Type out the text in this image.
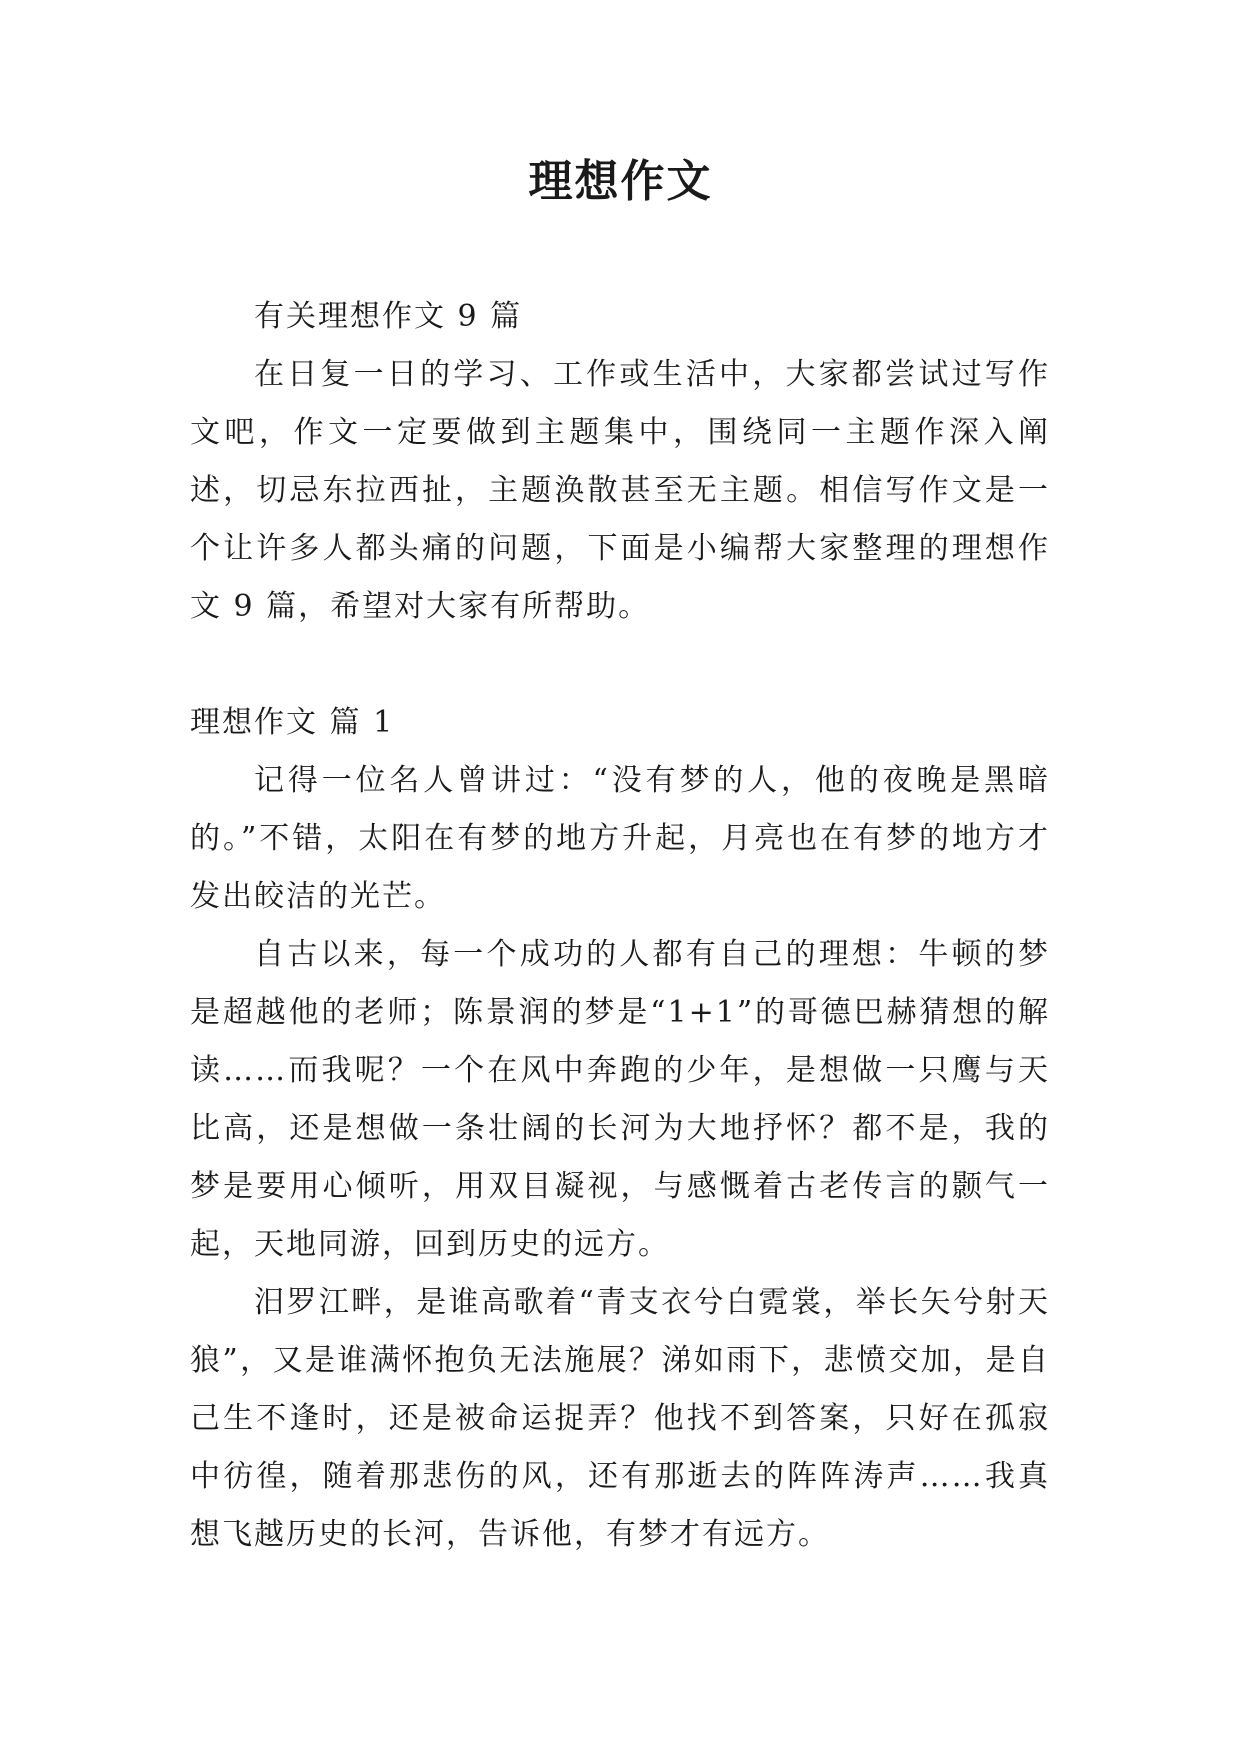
理想作文

有关理想作文 9 篇

在日复一日的学习、工作或生活中，大家都尝试过写作文吧，作文一定要做到主题集中，围绕同一主题作深入阐述，切忌东拉西扯，主题涣散甚至无主题。相信写作文是一个让许多人都头痛的问题，下面是小编帮大家整理的理想作文 9 篇，希望对大家有所帮助。

理想作文 篇 1

记得一位名人曾讲过：“没有梦的人，他的夜晚是黑暗的。”不错，太阳在有梦的地方升起，月亮也在有梦的地方才发出皎洁的光芒。

自古以来，每一个成功的人都有自己的理想：牛顿的梦是超越他的老师；陈景润的梦是“1+1”的哥德巴赫猜想的解读……而我呢？一个在风中奔跑的少年，是想做一只鹰与天比高，还是想做一条壮阔的长河为大地抒怀？都不是，我的梦是要用心倾听，用双目凝视，与感慨着古老传言的颢气一起，天地同游，回到历史的远方。

汨罗江畔，是谁高歌着“青支衣兮白霓裳，举长矢兮射天狼”，又是谁满怀抱负无法施展？涕如雨下，悲愤交加，是自己生不逢时，还是被命运捉弄？他找不到答案，只好在孤寂中彷徨，随着那悲伤的风，还有那逝去的阵阵涛声……我真想飞越历史的长河，告诉他，有梦才有远方。
